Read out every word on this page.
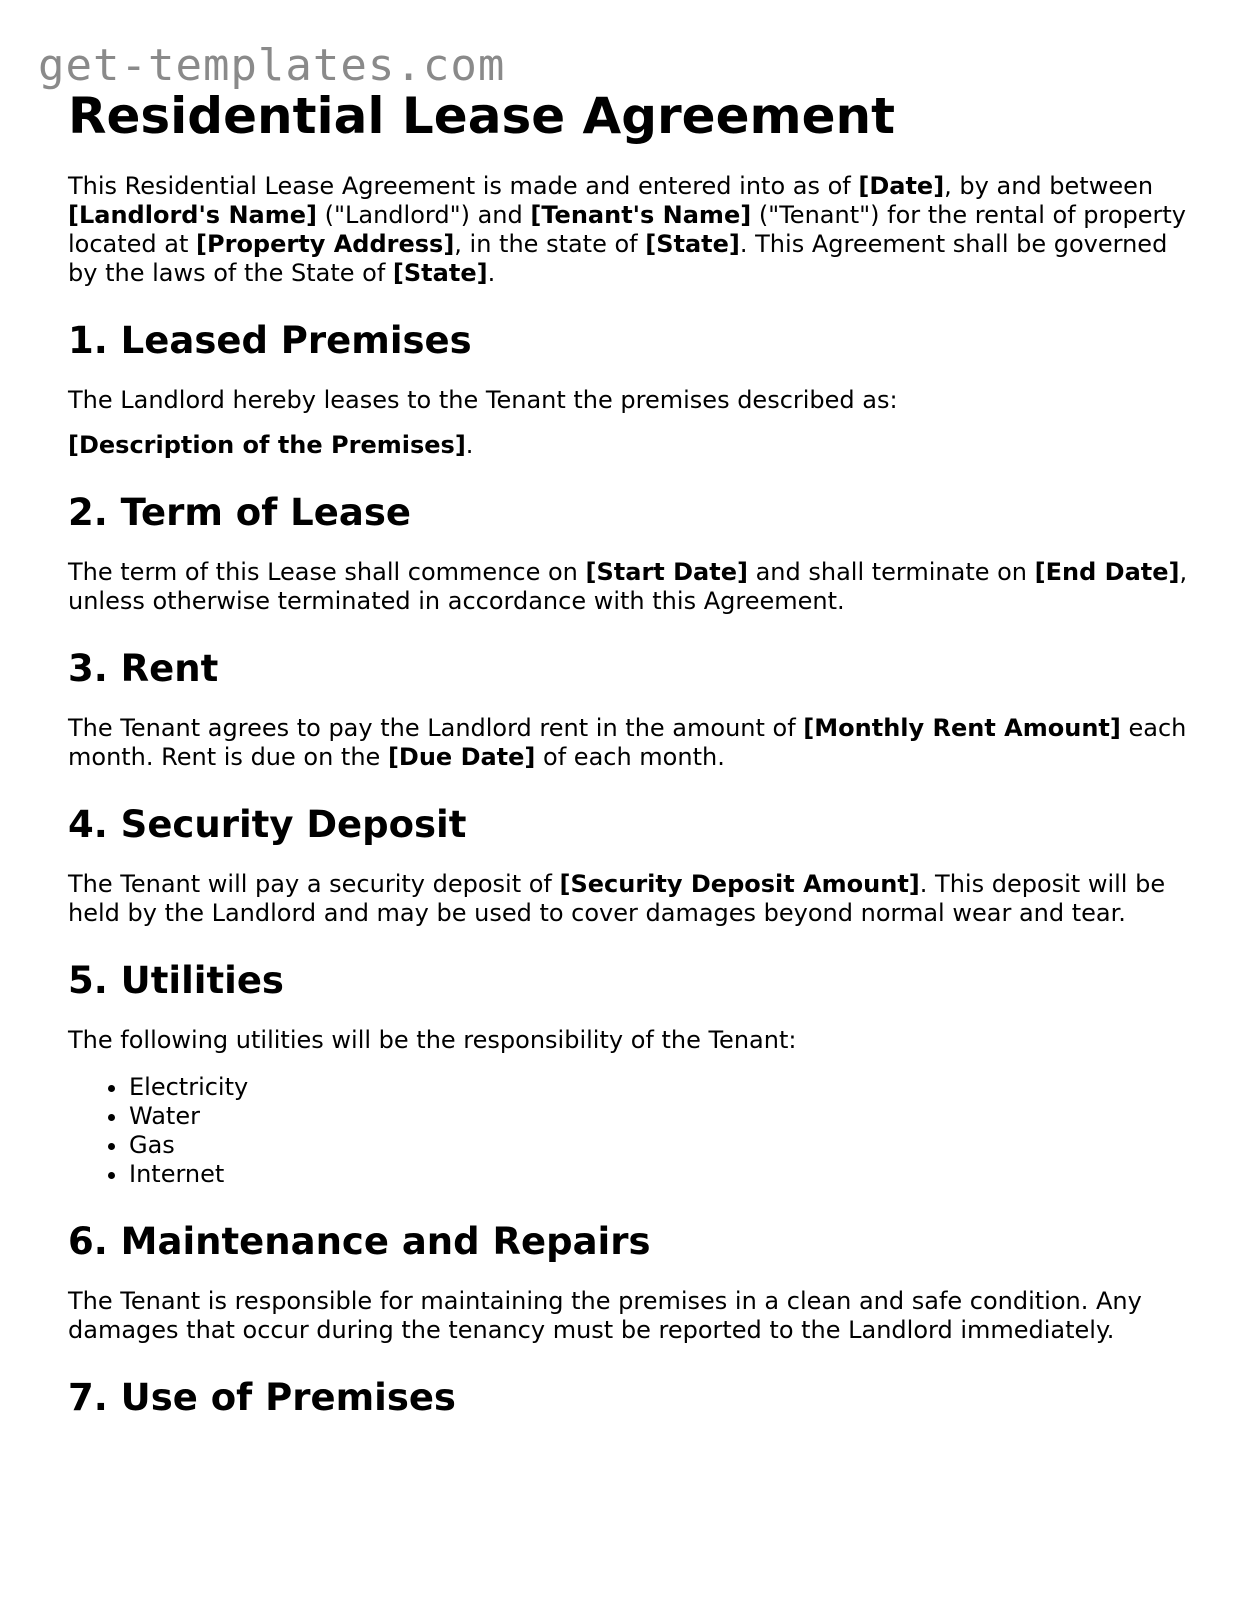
get-templates.com
Residential Lease Agreement

This Residential Lease Agreement is made and entered into as of [Date], by and between [Landlord's Name] ("Landlord") and [Tenant's Name] ("Tenant") for the rental of property located at [Property Address], in the state of [State]. This Agreement shall be governed by the laws of the State of [State].

1. Leased Premises

The Landlord hereby leases to the Tenant the premises described as:

[Description of the Premises].

2. Term of Lease

The term of this Lease shall commence on [Start Date] and shall terminate on [End Date], unless otherwise terminated in accordance with this Agreement.

3. Rent

The Tenant agrees to pay the Landlord rent in the amount of [Monthly Rent Amount] each month. Rent is due on the [Due Date] of each month.

4. Security Deposit

The Tenant will pay a security deposit of [Security Deposit Amount]. This deposit will be held by the Landlord and may be used to cover damages beyond normal wear and tear.

5. Utilities

The following utilities will be the responsibility of the Tenant:

• Electricity
• Water
• Gas
• Internet
6. Maintenance and Repairs

The Tenant is responsible for maintaining the premises in a clean and safe condition. Any damages that occur during the tenancy must be reported to the Landlord immediately.

7. Use of Premises
